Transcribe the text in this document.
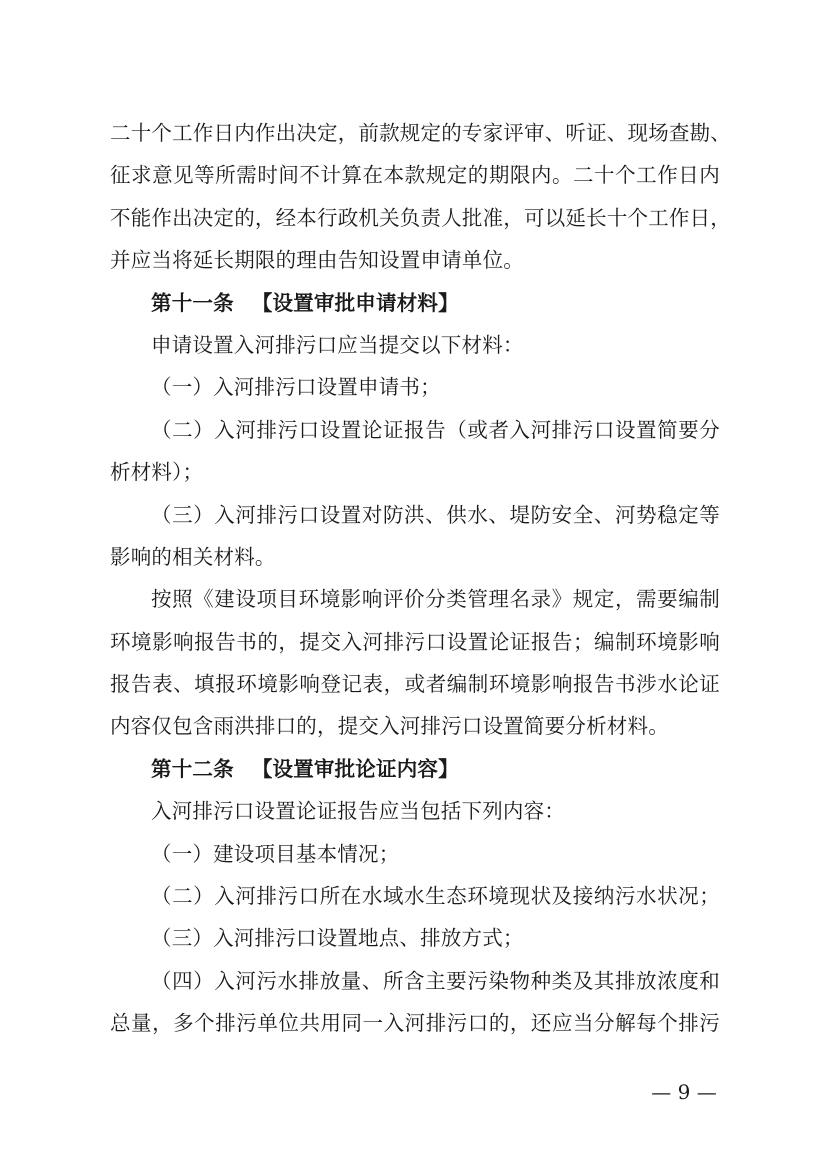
二十个工作日内作出决定，前款规定的专家评审、听证、现场查勘、
征求意见等所需时间不计算在本款规定的期限内。二十个工作日内
不能作出决定的，经本行政机关负责人批准，可以延长十个工作日，
并应当将延长期限的理由告知设置申请单位。
第十一条 【设置审批申请材料】
申请设置入河排污口应当提交以下材料：
（一）入河排污口设置申请书；
（二）入河排污口设置论证报告（或者入河排污口设置简要分
析材料）；
（三）入河排污口设置对防洪、供水、堤防安全、河势稳定等
影响的相关材料。
按照《建设项目环境影响评价分类管理名录》规定，需要编制
环境影响报告书的，提交入河排污口设置论证报告；编制环境影响
报告表、填报环境影响登记表，或者编制环境影响报告书涉水论证
内容仅包含雨洪排口的，提交入河排污口设置简要分析材料。
第十二条 【设置审批论证内容】
入河排污口设置论证报告应当包括下列内容：
（一）建设项目基本情况；
（二）入河排污口所在水域水生态环境现状及接纳污水状况；
（三）入河排污口设置地点、排放方式；
（四）入河污水排放量、所含主要污染物种类及其排放浓度和
总量，多个排污单位共用同一入河排污口的，还应当分解每个排污
— 9 —
